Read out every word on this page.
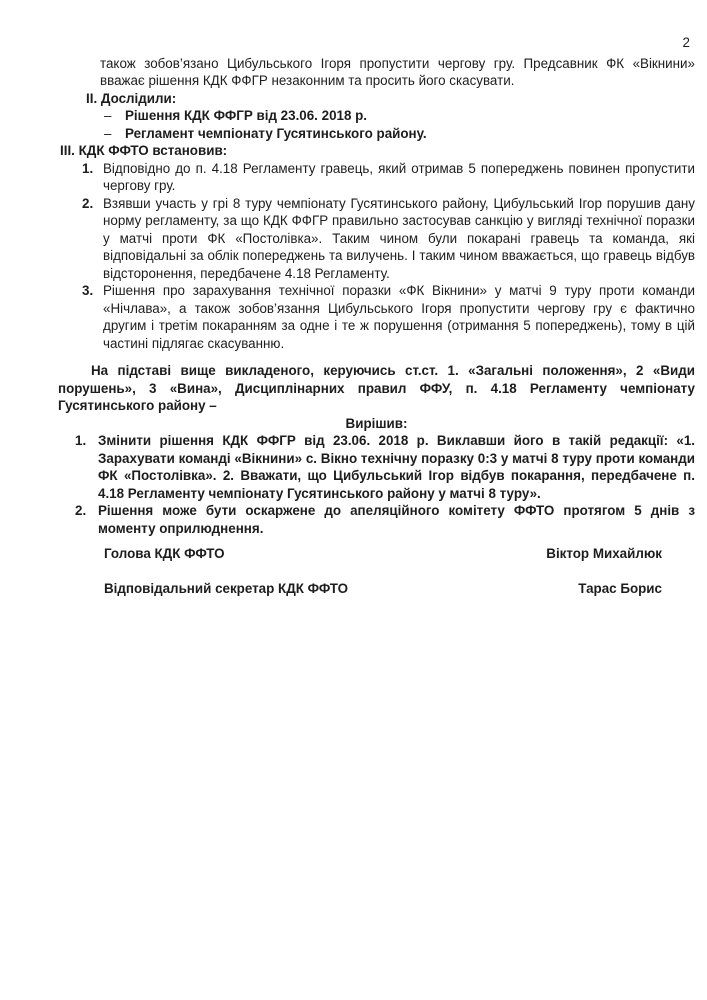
2

також зобов’язано Цибульського Ігоря пропустити чергову гру. Предсавник ФК «Вікнини» вважає рішення КДК ФФГР незаконним та просить його скасувати.

II. Дослідили:
–	Рішення КДК ФФГР від 23.06. 2018 р.
–	Регламент чемпіонату Гусятинського району.
III. КДК ФФТО встановив:
1. Відповідно до п. 4.18 Регламенту гравець, який отримав 5 попереджень повинен пропустити чергову гру.
2. Взявши участь у грі 8 туру чемпіонату Гусятинського району, Цибульський Ігор порушив дану норму регламенту, за що КДК ФФГР правильно застосував санкцію у вигляді технічної поразки у матчі проти ФК «Постолівка». Таким чином були покарані гравець та команда, які відповідальні за облік попереджень та вилучень. І таким чином вважається, що гравець відбув відсторонення, передбачене 4.18 Регламенту.
3. Рішення про зарахування технічної поразки «ФК Вікнини» у матчі 9 туру проти команди «Нічлава», а також зобов’язання Цибульського Ігоря пропустити чергову гру є фактично другим і третім покаранням за одне і те ж порушення (отримання 5 попереджень), тому в цій частині підлягає скасуванню.

На підставі вище викладеного, керуючись ст.ст. 1. «Загальні положення», 2 «Види порушень», 3 «Вина», Дисциплінарних правил ФФУ, п. 4.18 Регламенту чемпіонату Гусятинського району –

Вирішив:
1. Змінити рішення КДК ФФГР від 23.06. 2018 р. Виклавши його в такій редакції: «1. Зарахувати команді «Вікнини» с. Вікно технічну поразку 0:3 у матчі 8 туру проти команди ФК «Постолівка». 2. Вважати, що Цибульський Ігор відбув покарання, передбачене п. 4.18 Регламенту чемпіонату Гусятинського району у матчі 8 туру».
2. Рішення може бути оскаржене до апеляційного комітету ФФТО протягом 5 днів з моменту оприлюднення.
Голова КДК ФФТО	Віктор Михайлюк
Відповідальний секретар КДК ФФТО	Тарас Борис
